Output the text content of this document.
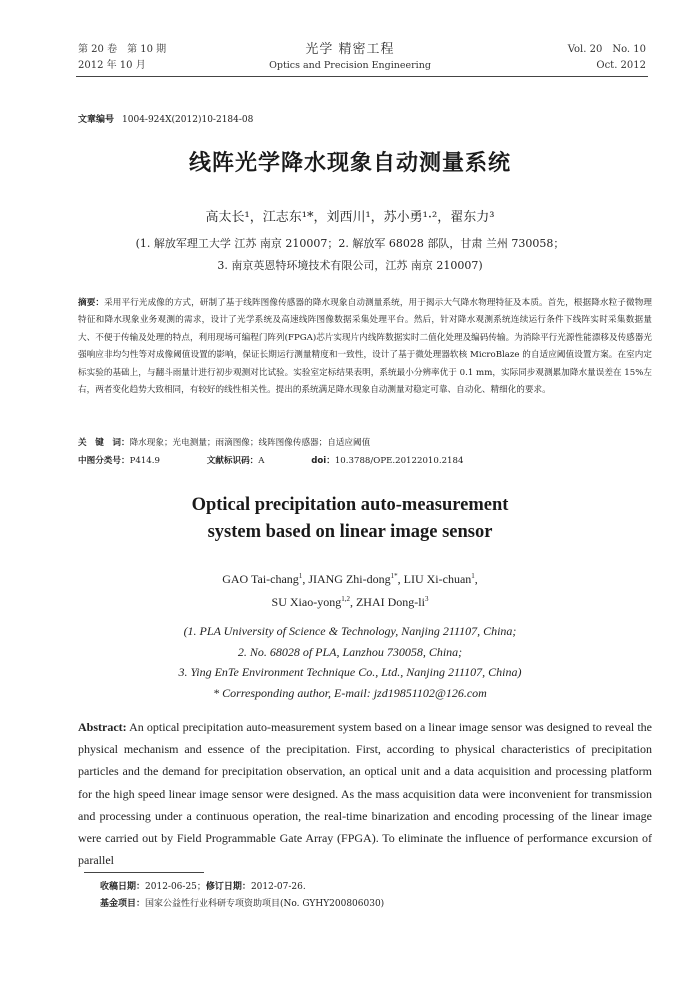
第 20 卷　第 10 期
2012 年 10 月
光学 精密工程
Optics and Precision Engineering
Vol. 20　No. 10
Oct. 2012
文章编号 1004-924X(2012)10-2184-08
线阵光学降水现象自动测量系统
高太长¹，江志东¹*，刘西川¹，苏小勇¹·²，翟东力³
(1. 解放军理工大学 江苏 南京 210007；2. 解放军 68028 部队，甘肃 兰州 730058；
3. 南京英恩特环境技术有限公司，江苏 南京 210007)
摘要：采用平行光成像的方式，研制了基于线阵图像传感器的降水现象自动测量系统，用于揭示大气降水物理特征及本质。首先，根据降水粒子微物理特征和降水现象业务观测的需求，设计了光学系统及高速线阵图像数据采集处理平台。然后，针对降水观测系统连续运行条件下线阵实时采集数据量大、不便于传输及处理的特点，利用现场可编程门阵列(FPGA)芯片实现片内线阵数据实时二值化处理及编码传输。为消除平行光源性能漂移及传感器光强响应非均匀性等对成像阈值设置的影响，保证长期运行测量精度和一致性，设计了基于微处理器软核 MicroBlaze 的自适应阈值设置方案。在室内定标实验的基础上，与翻斗雨量计进行初步观测对比试验。实验室定标结果表明，系统最小分辨率优于 0.1 mm，实际同步观测累加降水量误差在 15%左右，两者变化趋势大致相同，有较好的线性相关性。提出的系统满足降水现象自动测量对稳定可靠、自动化、精细化的要求。
关　键　词：降水现象；光电测量；雨滴图像；线阵图像传感器；自适应阈值
中图分类号：P414.9	文献标识码：A	doi：10.3788/OPE.20122010.2184
Optical precipitation auto-measurement
system based on linear image sensor
GAO Tai-chang$^1$, JIANG Zhi-dong$^{1*}$, LIU Xi-chuan$^1$,
SU Xiao-yong$^{1,2}$, ZHAI Dong-$li^3$
(1. PLA University of Science & Technology, Nanjing 211107, China;
2. No. 68028 of PLA, Lanzhou 730058, China;
3. Ying EnTe Environment Technique Co., Ltd., Nanjing 211107, China)
* Corresponding author, E-mail: jzd19851102@126.com
Abstract: An optical precipitation auto-measurement system based on a linear image sensor was designed to reveal the physical mechanism and essence of the precipitation. First, according to physical characteristics of precipitation particles and the demand for precipitation observation, an optical unit and a data acquisition and processing platform for the high speed linear image sensor were designed. As the mass acquisition data were inconvenient for transmission and processing under a continuous operation, the real-time binarization and encoding processing of the linear image were carried out by Field Programmable Gate Array (FPGA). To eliminate the influence of performance excursion of parallel
收稿日期：2012-06-25；修订日期：2012-07-26.
基金项目：国家公益性行业科研专项资助项目(No. GYHY200806030)
